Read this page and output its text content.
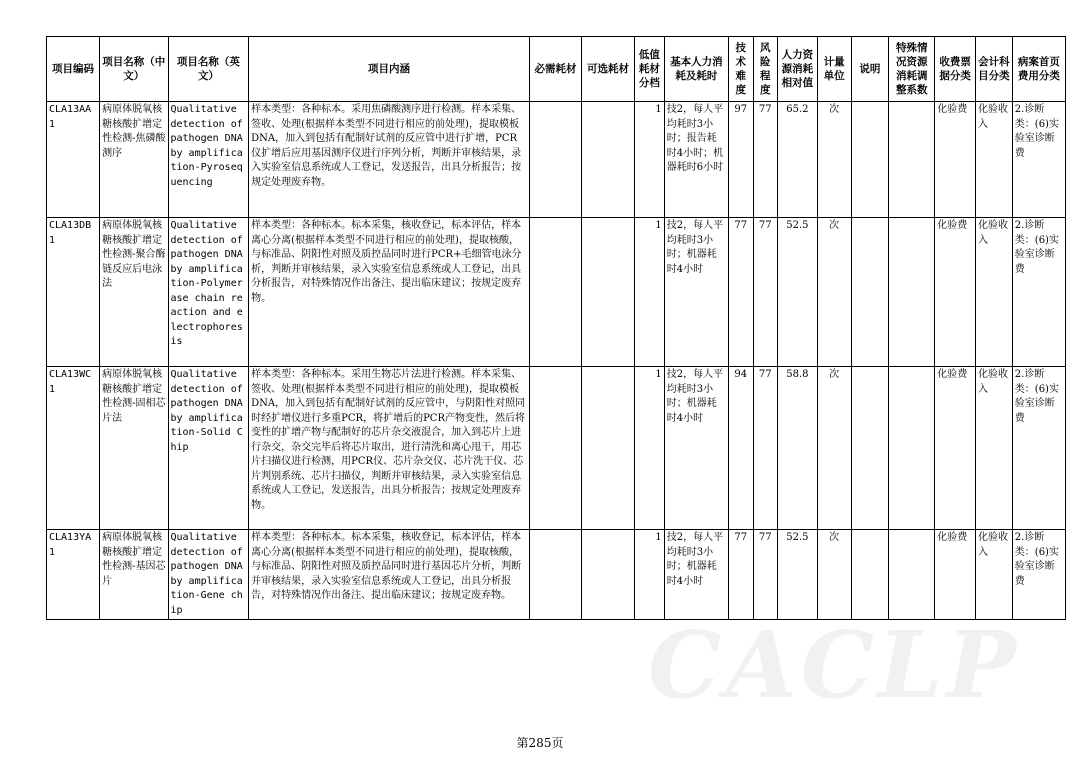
项目编码	项目名称（中文）	项目名称（英文）	项目内涵	必需耗材	可选耗材	低值耗材分档	基本人力消耗及耗时	技术难度	风险程度	人力资源消耗相对值	计量单位	说明	特殊情况资源消耗调整系数	收费票据分类	会计科目分类	病案首页费用分类
CLA13AA1	病原体脱氧核糖核酸扩增定性检测-焦磷酸测序	Qualitative detection of pathogen DNA by amplification-Pyrosequencing	样本类型：各种标本。采用焦磷酸测序进行检测。样本采集、签收、处理(根据样本类型不同进行相应的前处理)，提取模板DNA，加入到包括有配制好试剂的反应管中进行扩增，PCR仪扩增后应用基因测序仪进行序列分析，判断并审核结果，录入实验室信息系统或人工登记，发送报告，出具分析报告；按规定处理废弃物。			1	技2，每人平均耗时3小时；报告耗时4小时；机器耗时6小时	97	77	65.2	次			化验费	化验收入	2.诊断类：(6)实验室诊断费
CLA13DB1	病原体脱氧核糖核酸扩增定性检测-聚合酶链反应后电泳法	Qualitative detection of pathogen DNA by amplification-Polymerase chain reaction and electrophoresis	样本类型：各种标本。标本采集，核收登记，标本评估，样本离心分离(根据样本类型不同进行相应的前处理)，提取核酸，与标准品、阴阳性对照及质控品同时进行PCR+毛细管电泳分析，判断并审核结果，录入实验室信息系统或人工登记，出具分析报告，对特殊情况作出备注、提出临床建议；按规定废弃物。			1	技2，每人平均耗时3小时；机器耗时4小时	77	77	52.5	次			化验费	化验收入	2.诊断类：(6)实验室诊断费
CLA13WC1	病原体脱氧核糖核酸扩增定性检测-固相芯片法	Qualitative detection of pathogen DNA by amplification-Solid Chip	样本类型：各种标本。采用生物芯片法进行检测。样本采集、签收、处理(根据样本类型不同进行相应的前处理)，提取模板DNA，加入到包括有配制好试剂的反应管中，与阴阳性对照同时经扩增仪进行多重PCR，将扩增后的PCR产物变性，然后将变性的扩增产物与配制好的芯片杂交液混合，加入到芯片上进行杂交，杂交完毕后将芯片取出，进行清洗和离心甩干，用芯片扫描仪进行检测，用PCR仪、芯片杂交仪、芯片洗干仪、芯片判别系统、芯片扫描仪，判断并审核结果，录入实验室信息系统或人工登记，发送报告，出具分析报告；按规定处理废弃物。			1	技2，每人平均耗时3小时；机器耗时4小时	94	77	58.8	次			化验费	化验收入	2.诊断类：(6)实验室诊断费
CLA13YA1	病原体脱氧核糖核酸扩增定性检测-基因芯片	Qualitative detection of pathogen DNA by amplification-Gene chip	样本类型：各种标本。标本采集，核收登记，标本评估，样本离心分离(根据样本类型不同进行相应的前处理)，提取核酸，与标准品、阴阳性对照及质控品同时进行基因芯片分析，判断并审核结果，录入实验室信息系统或人工登记，出具分析报告，对特殊情况作出备注、提出临床建议；按规定废弃物。			1	技2，每人平均耗时3小时；机器耗时4小时	77	77	52.5	次			化验费	化验收入	2.诊断类：(6)实验室诊断费
CACLP
第285页
